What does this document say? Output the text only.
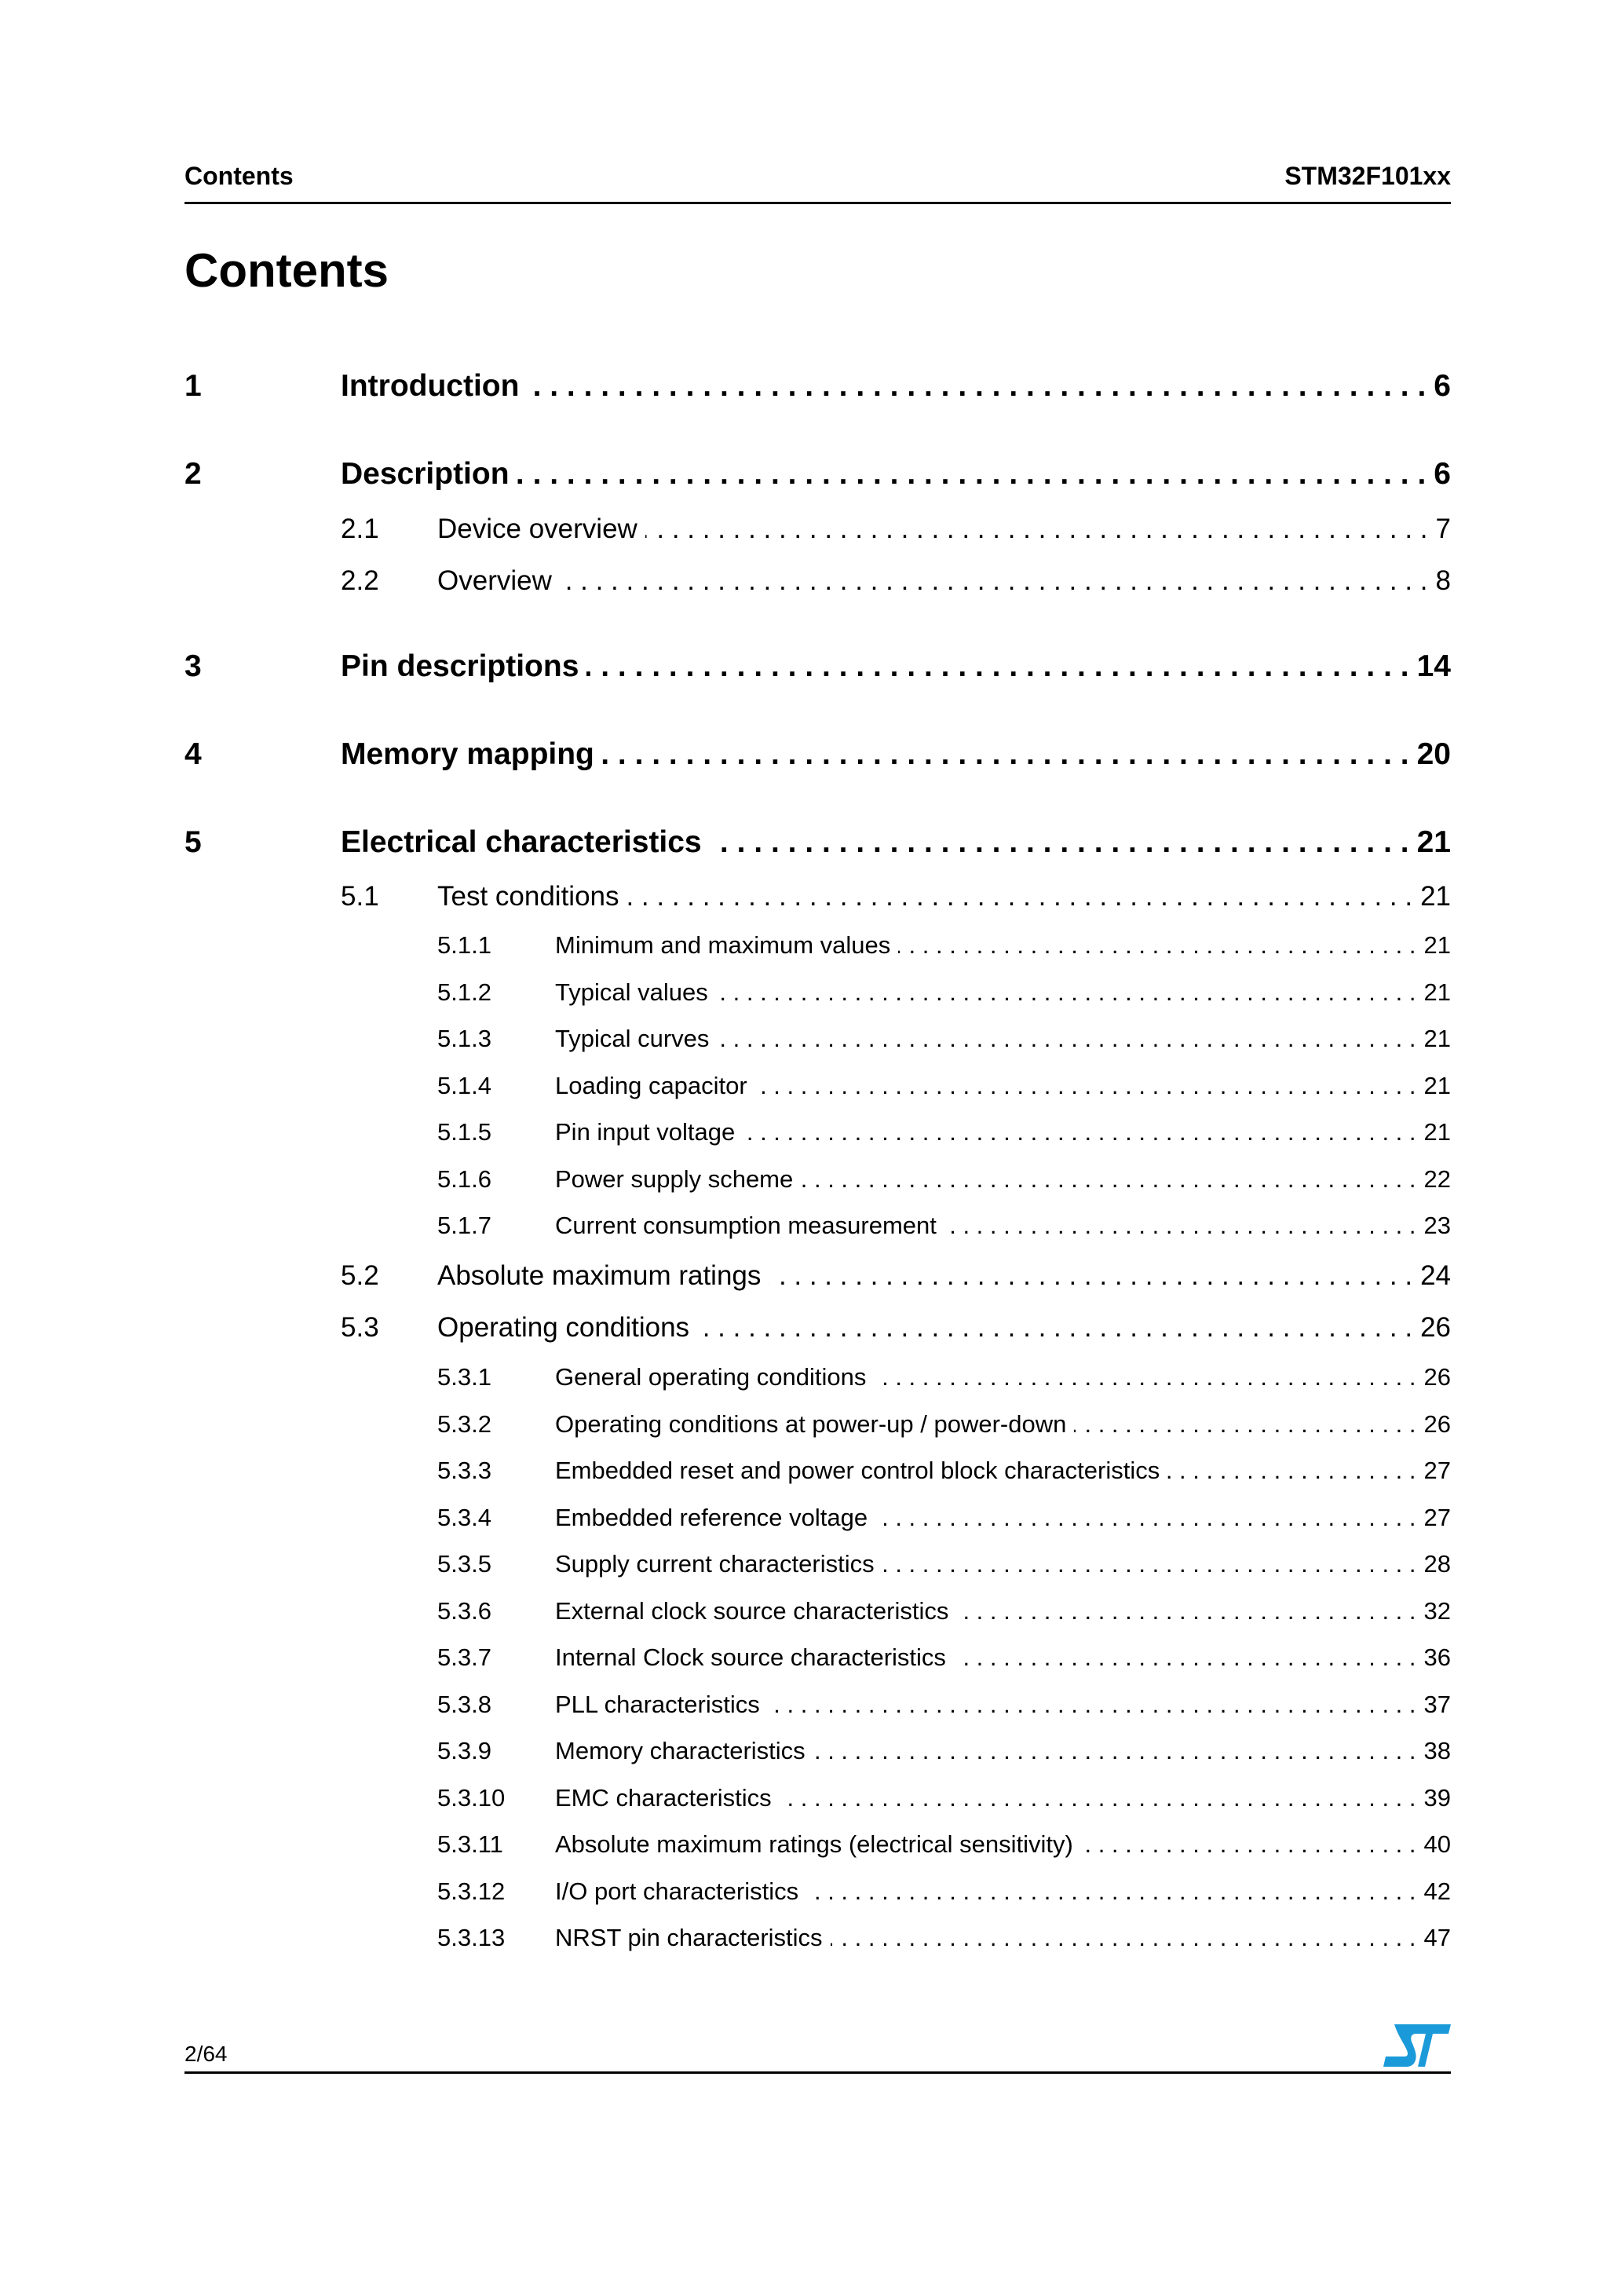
Contents	STM32F101xx
Contents
1	Introduction . . .	6
2	Description . . .	6
2.1	Device overview . . .	7
2.2	Overview . . .	8
3	Pin descriptions . . .	14
4	Memory mapping . . .	20
5	Electrical characteristics . . .	21
5.1	Test conditions . . .	21
5.1.1	Minimum and maximum values . . .	21
5.1.2	Typical values . . .	21
5.1.3	Typical curves . . .	21
5.1.4	Loading capacitor . . .	21
5.1.5	Pin input voltage . . .	21
5.1.6	Power supply scheme . . .	22
5.1.7	Current consumption measurement . . .	23
5.2	Absolute maximum ratings . . .	24
5.3	Operating conditions . . .	26
5.3.1	General operating conditions . . .	26
5.3.2	Operating conditions at power-up / power-down . . .	26
5.3.3	Embedded reset and power control block characteristics . . .	27
5.3.4	Embedded reference voltage . . .	27
5.3.5	Supply current characteristics . . .	28
5.3.6	External clock source characteristics . . .	32
5.3.7	Internal Clock source characteristics . . .	36
5.3.8	PLL characteristics . . .	37
5.3.9	Memory characteristics . . .	38
5.3.10	EMC characteristics . . .	39
5.3.11	Absolute maximum ratings (electrical sensitivity) . . .	40
5.3.12	I/O port characteristics . . .	42
5.3.13	NRST pin characteristics . . .	47
2/64
